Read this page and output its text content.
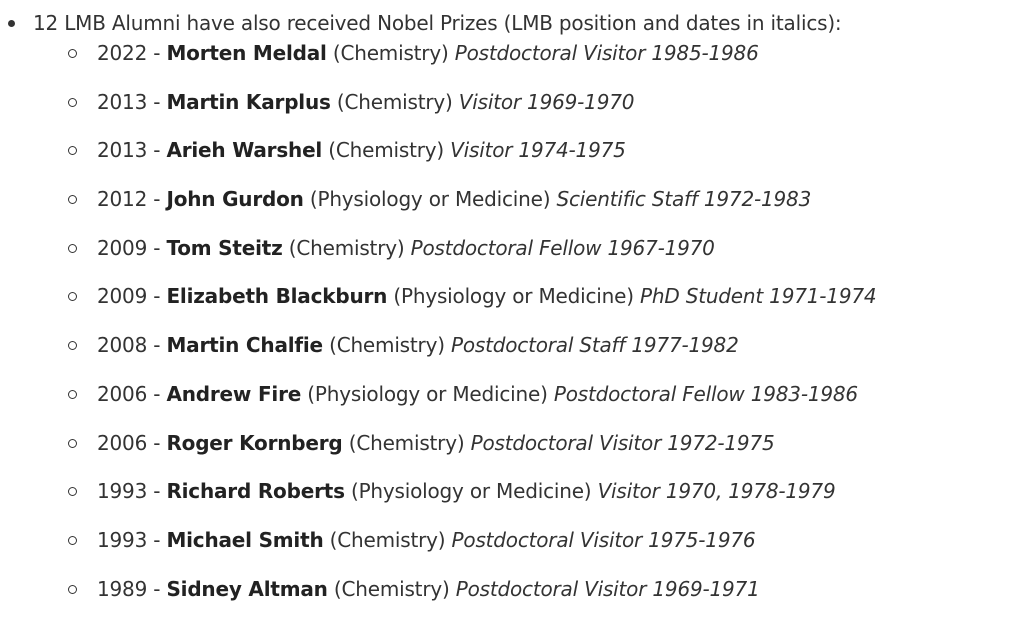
12 LMB Alumni have also received Nobel Prizes (LMB position and dates in italics):
2022 - Morten Meldal (Chemistry) Postdoctoral Visitor 1985-1986
2013 - Martin Karplus (Chemistry) Visitor 1969-1970
2013 - Arieh Warshel (Chemistry) Visitor 1974-1975
2012 - John Gurdon (Physiology or Medicine) Scientific Staff 1972-1983
2009 - Tom Steitz (Chemistry) Postdoctoral Fellow 1967-1970
2009 - Elizabeth Blackburn (Physiology or Medicine) PhD Student 1971-1974
2008 - Martin Chalfie (Chemistry) Postdoctoral Staff 1977-1982
2006 - Andrew Fire (Physiology or Medicine) Postdoctoral Fellow 1983-1986
2006 - Roger Kornberg (Chemistry) Postdoctoral Visitor 1972-1975
1993 - Richard Roberts (Physiology or Medicine) Visitor 1970, 1978-1979
1993 - Michael Smith (Chemistry) Postdoctoral Visitor 1975-1976
1989 - Sidney Altman (Chemistry) Postdoctoral Visitor 1969-1971
